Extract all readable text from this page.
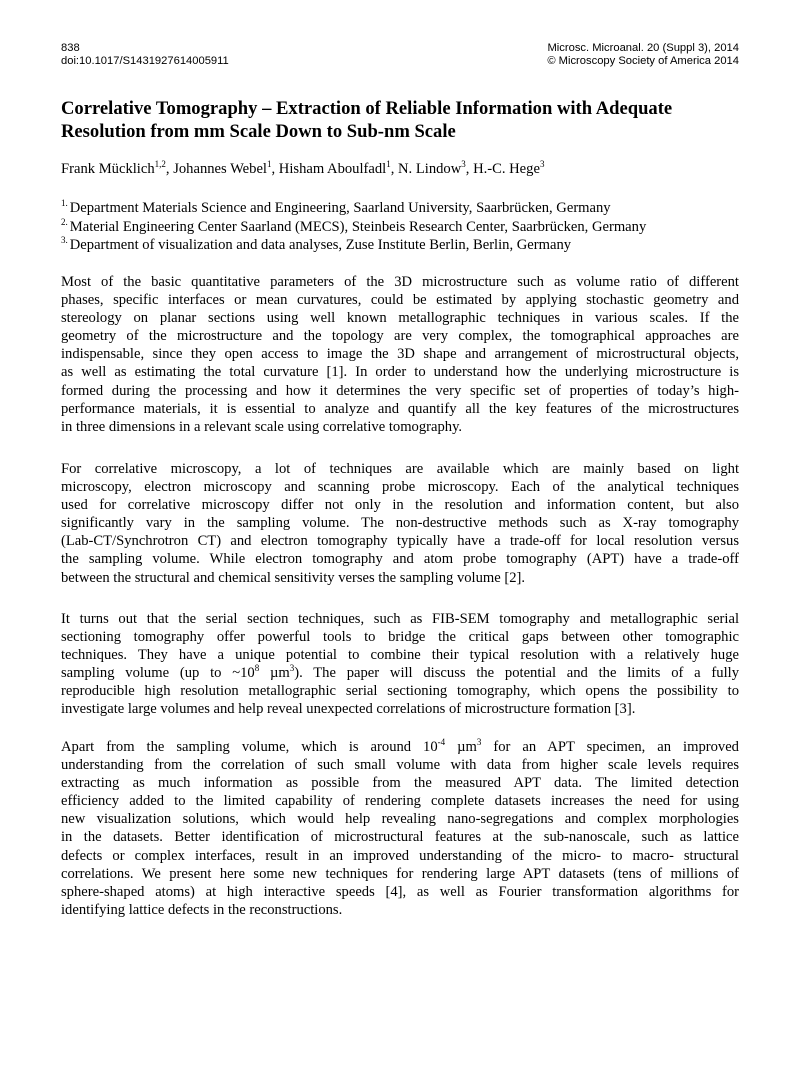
838
doi:10.1017/S1431927614005911
Microsc. Microanal. 20 (Suppl 3), 2014
© Microscopy Society of America 2014
Correlative Tomography – Extraction of Reliable Information with Adequate
Resolution from mm Scale Down to Sub-nm Scale
Frank Mücklich$^{1,2}$, Johannes Webel$^1$, Hisham Aboulfadl$^1$, N. Lindow$^3$, H.-C. Hege$^3$
$^{1.}$ Department Materials Science and Engineering, Saarland University, Saarbrücken, Germany
$^{2.}$ Material Engineering Center Saarland (MECS), Steinbeis Research Center, Saarbrücken, Germany
$^{3.}$ Department of visualization and data analyses, Zuse Institute Berlin, Berlin, Germany
Most of the basic quantitative parameters of the 3D microstructure such as volume ratio of different
phases, specific interfaces or mean curvatures, could be estimated by applying stochastic geometry and
stereology on planar sections using well known metallographic techniques in various scales. If the
geometry of the microstructure and the topology are very complex, the tomographical approaches are
indispensable, since they open access to image the 3D shape and arrangement of microstructural objects,
as well as estimating the total curvature [1]. In order to understand how the underlying microstructure is
formed during the processing and how it determines the very specific set of properties of today’s high-
performance materials, it is essential to analyze and quantify all the key features of the microstructures
in three dimensions in a relevant scale using correlative tomography.
For correlative microscopy, a lot of techniques are available which are mainly based on light
microscopy, electron microscopy and scanning probe microscopy. Each of the analytical techniques
used for correlative microscopy differ not only in the resolution and information content, but also
significantly vary in the sampling volume. The non-destructive methods such as X-ray tomography
(Lab-CT/Synchrotron CT) and electron tomography typically have a trade-off for local resolution versus
the sampling volume. While electron tomography and atom probe tomography (APT) have a trade-off
between the structural and chemical sensitivity verses the sampling volume [2].
It turns out that the serial section techniques, such as FIB-SEM tomography and metallographic serial
sectioning tomography offer powerful tools to bridge the critical gaps between other tomographic
techniques. They have a unique potential to combine their typical resolution with a relatively huge
sampling volume (up to $\sim 10^8$ µm$^3$). The paper will discuss the potential and the limits of a fully
reproducible high resolution metallographic serial sectioning tomography, which opens the possibility to
investigate large volumes and help reveal unexpected correlations of microstructure formation [3].
Apart from the sampling volume, which is around $10^{-4}$ µm$^3$ for an APT specimen, an improved
understanding from the correlation of such small volume with data from higher scale levels requires
extracting as much information as possible from the measured APT data. The limited detection
efficiency added to the limited capability of rendering complete datasets increases the need for using
new visualization solutions, which would help revealing nano-segregations and complex morphologies
in the datasets. Better identification of microstructural features at the sub-nanoscale, such as lattice
defects or complex interfaces, result in an improved understanding of the micro- to macro- structural
correlations. We present here some new techniques for rendering large APT datasets (tens of millions of
sphere-shaped atoms) at high interactive speeds [4], as well as Fourier transformation algorithms for
identifying lattice defects in the reconstructions.
